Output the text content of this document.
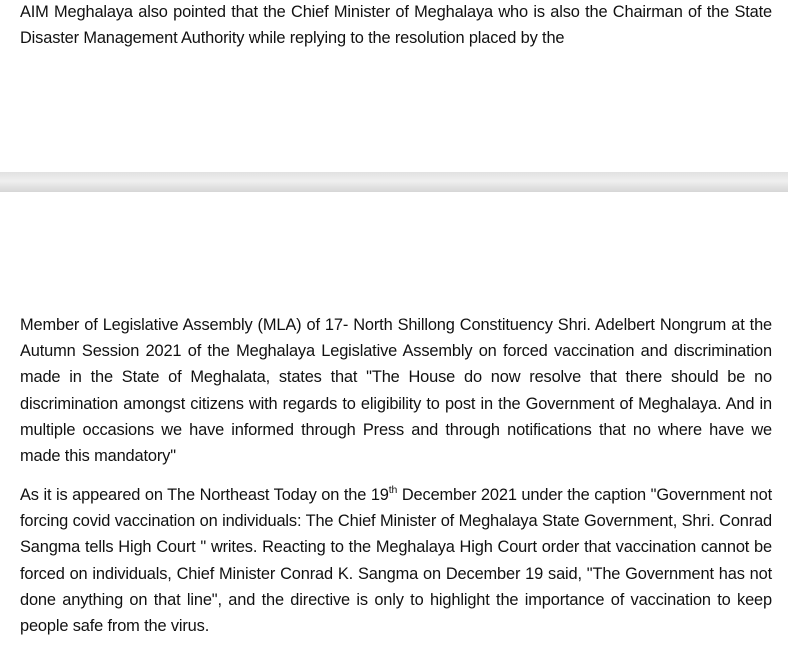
AIM Meghalaya also pointed that the Chief Minister of Meghalaya who is also the Chairman of the State Disaster Management Authority while replying to the resolution placed by the

Member of Legislative Assembly (MLA) of 17- North Shillong Constituency Shri. Adelbert Nongrum at the Autumn Session 2021 of the Meghalaya Legislative Assembly on forced vaccination and discrimination made in the State of Meghalata, states that "The House do now resolve that there should be no discrimination amongst citizens with regards to eligibility to post in the Government of Meghalaya. And in multiple occasions we have informed through Press and through notifications that no where have we made this mandatory"

As it is appeared on The Northeast Today on the 19th December 2021 under the caption "Government not forcing covid vaccination on individuals: The Chief Minister of Meghalaya State Government, Shri. Conrad Sangma tells High Court " writes. Reacting to the Meghalaya High Court order that vaccination cannot be forced on individuals, Chief Minister Conrad K. Sangma on December 19 said, "The Government has not done anything on that line", and the directive is only to highlight the importance of vaccination to keep people safe from the virus.
